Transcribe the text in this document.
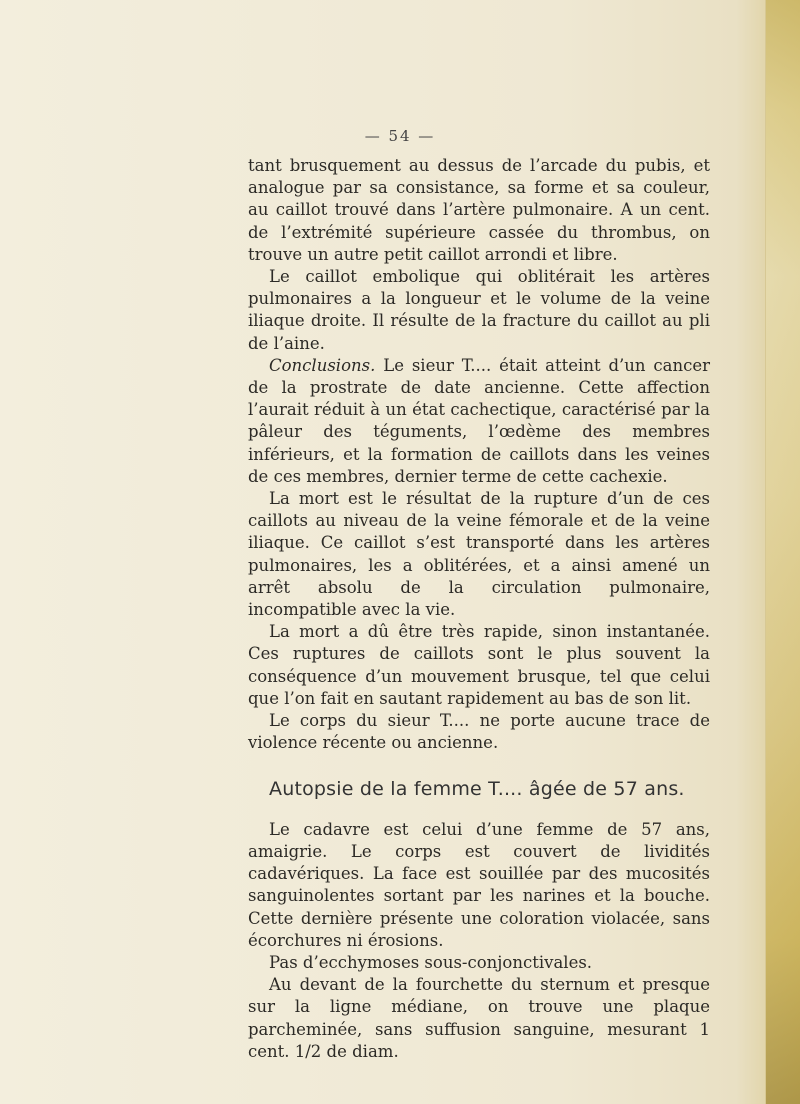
— 54 —

tant brusquement au dessus de l’arcade du pubis, et analogue par sa consistance, sa forme et sa couleur, au caillot trouvé dans l’artère pulmonaire. A un cent. de l’extrémité supérieure cassée du thrombus, on trouve un autre petit caillot arrondi et libre.

Le caillot embolique qui oblitérait les artères pulmonaires a la longueur et le volume de la veine iliaque droite. Il résulte de la fracture du caillot au pli de l’aine.

Conclusions. Le sieur T.... était atteint d’un cancer de la prostrate de date ancienne. Cette affection l’aurait réduit à un état cachectique, caractérisé par la pâleur des téguments, l’œdème des membres inférieurs, et la formation de caillots dans les veines de ces membres, dernier terme de cette cachexie.

La mort est le résultat de la rupture d’un de ces caillots au niveau de la veine fémorale et de la veine iliaque. Ce caillot s’est transporté dans les artères pulmonaires, les a oblitérées, et a ainsi amené un arrêt absolu de la circulation pulmonaire, incompatible avec la vie.

La mort a dû être très rapide, sinon instantanée. Ces ruptures de caillots sont le plus souvent la conséquence d’un mouvement brusque, tel que celui que l’on fait en sautant rapidement au bas de son lit.

Le corps du sieur T.... ne porte aucune trace de violence récente ou ancienne.

Autopsie de la femme T.... âgée de 57 ans.

Le cadavre est celui d’une femme de 57 ans, amaigrie. Le corps est couvert de lividités cadavériques. La face est souillée par des mucosités sanguinolentes sortant par les narines et la bouche. Cette dernière présente une coloration violacée, sans écorchures ni érosions.

Pas d’ecchymoses sous-conjonctivales.

Au devant de la fourchette du sternum et presque sur la ligne médiane, on trouve une plaque parcheminée, sans suffusion sanguine, mesurant 1 cent. 1/2 de diam.
